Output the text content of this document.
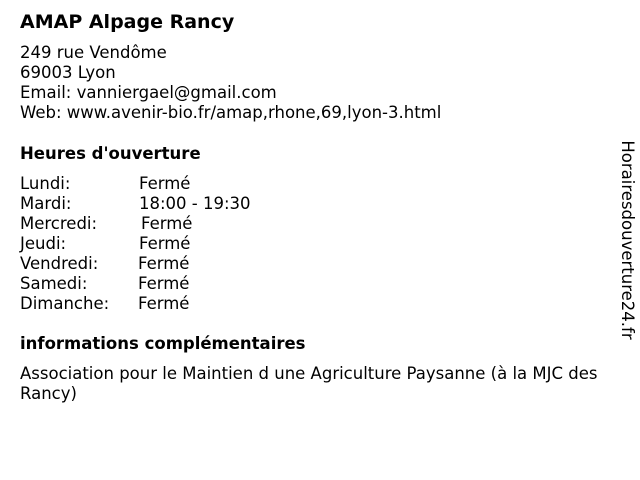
AMAP Alpage Rancy
249 rue Vendôme
69003 Lyon
Email: vanniergael@gmail.com
Web: www.avenir-bio.fr/amap,rhone,69,lyon-3.html
Heures d'ouverture
Lundi:	Fermé
Mardi:	18:00 - 19:30
Mercredi:	Fermé
Jeudi:	Fermé
Vendredi: Fermé
Samedi:	Fermé
Dimanche: Fermé
informations complémentaires
Association pour le Maintien d une Agriculture Paysanne (à la MJC des Rancy)
Horairesdouverture24.fr
